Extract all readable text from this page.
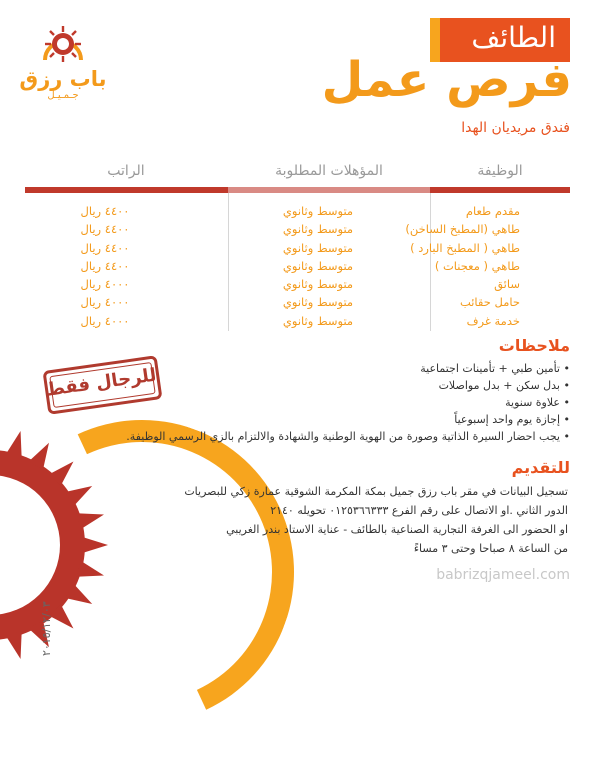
باب رزق
جـمـيـل
الطائف
فرص عمل
فندق مريديان الهدا
الوظيفة
المؤهلات المطلوبة
الراتب
مقدم طعام
طاهي (المطبخ الساخن)
طاهي ( المطبخ البارد )
طاهي ( معجنات )
سائق
حامل حقائب
خدمة غرف
متوسط وثانوي
متوسط وثانوي
متوسط وثانوي
متوسط وثانوي
متوسط وثانوي
متوسط وثانوي
متوسط وثانوي
٤٤٠٠ ريال
٤٤٠٠ ريال
٤٤٠٠ ريال
٤٤٠٠ ريال
٤٠٠٠ ريال
٤٠٠٠ ريال
٤٠٠٠ ريال
٢٠١٥/١٢/٠٣
للرجال فقط
ملاحظات
• تأمين طبي + تأمينات اجتماعية
• بدل سكن + بدل مواصلات
• علاوة سنوية
• إجازة يوم واحد إسبوعياً
• يجب احضار السيرة الذاتية وصورة من الهوية الوطنية والشهادة والالتزام بالزي الرسمي الوظيفة.
للتقديم
تسجيل البيانات في مقر باب رزق جميل بمكة المكرمة الشوقية عمارة زكي للبصريات
الدور الثاني .او الاتصال على رقم الفرع ٠١٢٥٣٦٦٣٣٣ تحويله ٢١٤٠
او الحضور الى الغرفة التجارية الصناعية بالطائف - عناية الاستاد بندر الغريبي
من الساعة ٨ صباحا وحتى ٣ مساءً
babrizqjameel.com
